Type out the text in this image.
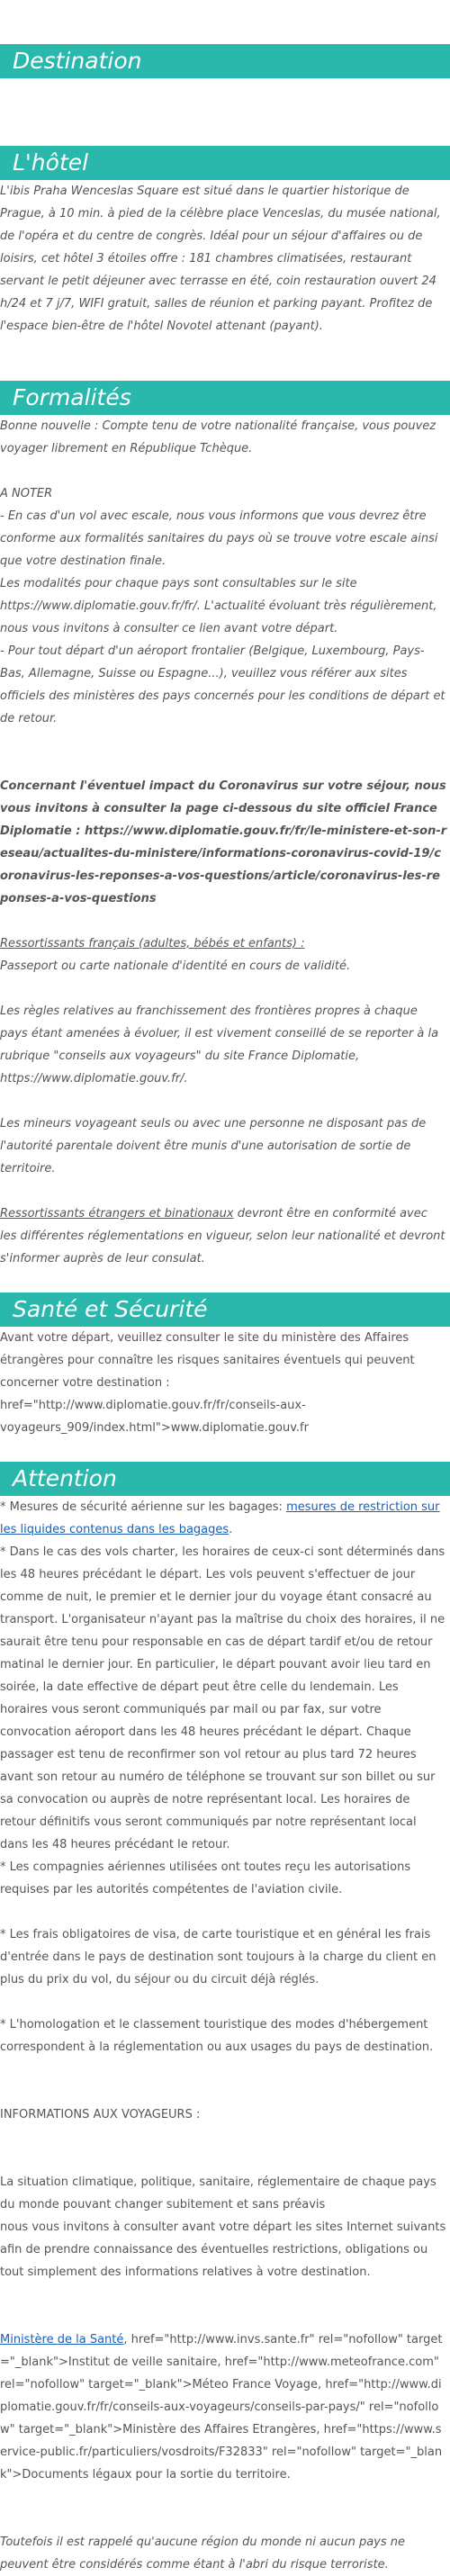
Destination
L'hôtel

L'ibis Praha Wenceslas Square est situé dans le quartier historique de Prague, à 10 min. à pied de la célèbre place Venceslas, du musée national, de l'opéra et du centre de congrès. Idéal pour un séjour d'affaires ou de loisirs, cet hôtel 3 étoiles offre : 181 chambres climatisées, restaurant servant le petit déjeuner avec terrasse en été, coin restauration ouvert 24 h/24 et 7 j/7, WIFI gratuit, salles de réunion et parking payant. Profitez de l'espace bien-être de l'hôtel Novotel attenant (payant).

Formalités

Bonne nouvelle : Compte tenu de votre nationalité française, vous pouvez voyager librement en République Tchèque.

A NOTER

- En cas d'un vol avec escale, nous vous informons que vous devrez être conforme aux formalités sanitaires du pays où se trouve votre escale ainsi que votre destination finale.

Les modalités pour chaque pays sont consultables sur le site https://www.diplomatie.gouv.fr/fr/. L'actualité évoluant très régulièrement, nous vous invitons à consulter ce lien avant votre départ.

- Pour tout départ d'un aéroport frontalier (Belgique, Luxembourg, Pays-Bas, Allemagne, Suisse ou Espagne...), veuillez vous référer aux sites officiels des ministères des pays concernés pour les conditions de départ et de retour.

Concernant l'éventuel impact du Coronavirus sur votre séjour, nous vous invitons à consulter la page ci-dessous du site officiel France Diplomatie : https://www.diplomatie.gouv.fr/fr/le-ministere-et-son-reseau/actualites-du-ministere/informations-coronavirus-covid-19/coronavirus-les-reponses-a-vos-questions/article/coronavirus-les-reponses-a-vos-questions

Ressortissants français (adultes, bébés et enfants) :

Passeport ou carte nationale d'identité en cours de validité.

Les règles relatives au franchissement des frontières propres à chaque pays étant amenées à évoluer, il est vivement conseillé de se reporter à la rubrique "conseils aux voyageurs" du site France Diplomatie, https://www.diplomatie.gouv.fr/.

Les mineurs voyageant seuls ou avec une personne ne disposant pas de l'autorité parentale doivent être munis d'une autorisation de sortie de territoire.

Ressortissants étrangers et binationaux devront être en conformité avec les différentes réglementations en vigueur, selon leur nationalité et devront s'informer auprès de leur consulat.

Santé et Sécurité

Avant votre départ, veuillez consulter le site du ministère des Affaires étrangères pour connaître les risques sanitaires éventuels qui peuvent concerner votre destination : href="http://www.diplomatie.gouv.fr/fr/conseils-aux-voyageurs_909/index.html">www.diplomatie.gouv.fr

Attention

* Mesures de sécurité aérienne sur les bagages: mesures de restriction sur les liquides contenus dans les bagages.

* Dans le cas des vols charter, les horaires de ceux-ci sont déterminés dans les 48 heures précédant le départ. Les vols peuvent s'effectuer de jour comme de nuit, le premier et le dernier jour du voyage étant consacré au transport. L'organisateur n'ayant pas la maîtrise du choix des horaires, il ne saurait être tenu pour responsable en cas de départ tardif et/ou de retour matinal le dernier jour. En particulier, le départ pouvant avoir lieu tard en soirée, la date effective de départ peut être celle du lendemain. Les horaires vous seront communiqués par mail ou par fax, sur votre convocation aéroport dans les 48 heures précédant le départ. Chaque passager est tenu de reconfirmer son vol retour au plus tard 72 heures avant son retour au numéro de téléphone se trouvant sur son billet ou sur sa convocation ou auprès de notre représentant local. Les horaires de retour définitifs vous seront communiqués par notre représentant local dans les 48 heures précédant le retour.

* Les compagnies aériennes utilisées ont toutes reçu les autorisations requises par les autorités compétentes de l'aviation civile.

* Les frais obligatoires de visa, de carte touristique et en général les frais d'entrée dans le pays de destination sont toujours à la charge du client en plus du prix du vol, du séjour ou du circuit déjà réglés.

* L'homologation et le classement touristique des modes d'hébergement correspondent à la réglementation ou aux usages du pays de destination.

INFORMATIONS AUX VOYAGEURS :

La situation climatique, politique, sanitaire, réglementaire de chaque pays du monde pouvant changer subitement et sans préavis

nous vous invitons à consulter avant votre départ les sites Internet suivants afin de prendre connaissance des éventuelles restrictions, obligations ou tout simplement des informations relatives à votre destination.

Ministère de la Santé, href="http://www.invs.sante.fr" rel="nofollow" target="_blank">Institut de veille sanitaire, href="http://www.meteofrance.com" rel="nofollow" target="_blank">Méteo France Voyage, href="http://www.diplomatie.gouv.fr/fr/conseils-aux-voyageurs/conseils-par-pays/" rel="nofollow" target="_blank">Ministère des Affaires Etrangères, href="https://www.service-public.fr/particuliers/vosdroits/F32833" rel="nofollow" target="_blank">Documents légaux pour la sortie du territoire.

Toutefois il est rappelé qu'aucune région du monde ni aucun pays ne peuvent être considérés comme étant à l'abri du risque terroriste.
